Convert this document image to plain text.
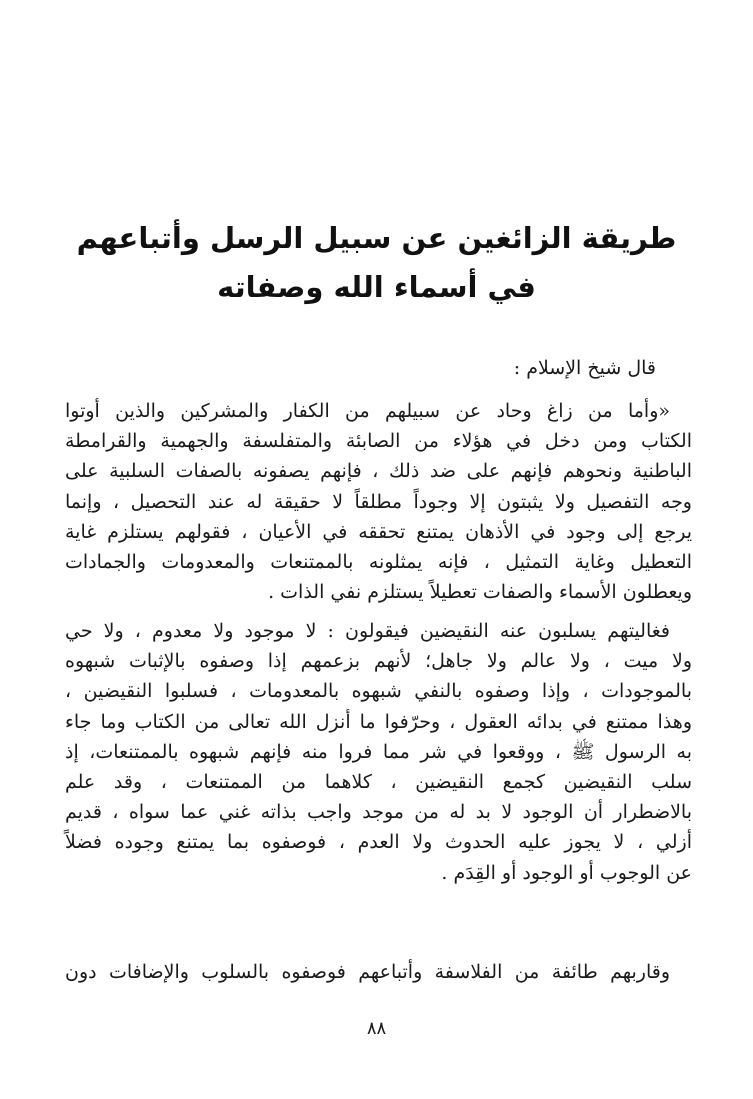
طريقة الزائغين عن سبيل الرسل وأتباعهم
في أسماء الله وصفاته
قال شيخ الإسلام :
«وأما من زاغ وحاد عن سبيلهم من الكفار والمشركين والذين أوتوا
الكتاب ومن دخل في هؤلاء من الصابئة والمتفلسفة والجهمية والقرامطة
الباطنية ونحوهم فإنهم على ضد ذلك ، فإنهم يصفونه بالصفات السلبية على
وجه التفصيل ولا يثبتون إلا وجوداً مطلقاً لا حقيقة له عند التحصيل ، وإنما
يرجع إلى وجود في الأذهان يمتنع تحققه في الأعيان ، فقولهم يستلزم غاية
التعطيل وغاية التمثيل ، فإنه يمثلونه بالممتنعات والمعدومات والجمادات
ويعطلون الأسماء والصفات تعطيلاً يستلزم نفي الذات .
فغاليتهم يسلبون عنه النقيضين فيقولون : لا موجود ولا معدوم ، ولا حي
ولا ميت ، ولا عالم ولا جاهل؛ لأنهم بزعمهم إذا وصفوه بالإثبات شبهوه
بالموجودات ، وإذا وصفوه بالنفي شبهوه بالمعدومات ، فسلبوا النقيضين ،
وهذا ممتنع في بدائه العقول ، وحرّفوا ما أنزل الله تعالى من الكتاب وما جاء
به الرسول ﷺ ، ووقعوا في شر مما فروا منه فإنهم شبهوه بالممتنعات، إذ
سلب النقيضين كجمع النقيضين ، كلاهما من الممتنعات ، وقد علم
بالاضطرار أن الوجود لا بد له من موجد واجب بذاته غني عما سواه ، قديم
أزلي ، لا يجوز عليه الحدوث ولا العدم ، فوصفوه بما يمتنع وجوده فضلاً
عن الوجوب أو الوجود أو القِدَم .
وقاربهم طائفة من الفلاسفة وأتباعهم فوصفوه بالسلوب والإضافات دون
٨٨
